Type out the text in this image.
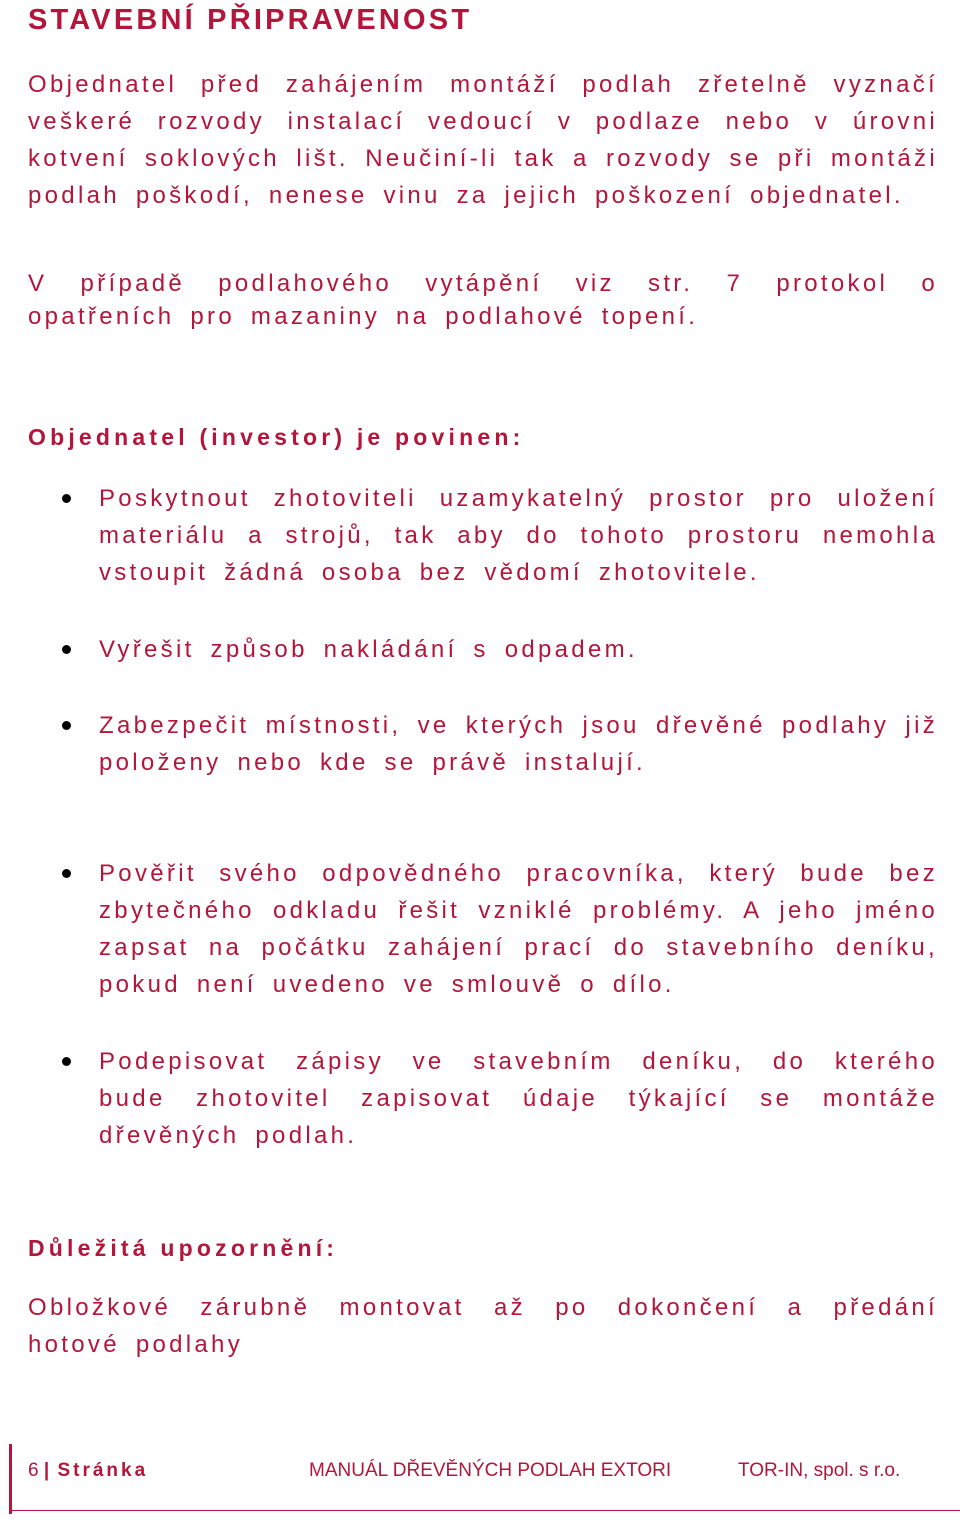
STAVEBNÍ PŘIPRAVENOST

Objednatel před zahájením montáží podlah zřetelně vyznačí veškeré rozvody instalací vedoucí v podlaze nebo v úrovni kotvení soklových lišt. Neučiní-li tak a rozvody se při montáži podlah poškodí, nenese vinu za jejich poškození objednatel.

V případě podlahového vytápění viz str. 7 protokol o opatřeních pro mazaniny na podlahové topení.

Objednatel (investor) je povinen:
Poskytnout zhotoviteli uzamykatelný prostor pro uložení materiálu a strojů, tak aby do tohoto prostoru nemohla vstoupit žádná osoba bez vědomí zhotovitele.
Vyřešit způsob nakládání s odpadem.
Zabezpečit místnosti, ve kterých jsou dřevěné podlahy již položeny nebo kde se právě instalují.
Pověřit svého odpovědného pracovníka, který bude bez zbytečného odkladu řešit vzniklé problémy. A jeho jméno zapsat na počátku zahájení prací do stavebního deníku, pokud není uvedeno ve smlouvě o dílo.
Podepisovat zápisy ve stavebním deníku, do kterého bude zhotovitel zapisovat údaje týkající se montáže dřevěných podlah.
Důležitá upozornění:

Obložkové zárubně montovat až po dokončení a předání hotové podlahy

6 | Stránka	MANUÁL DŘEVĚNÝCH PODLAH EXTORI	TOR-IN, spol. s r.o.
